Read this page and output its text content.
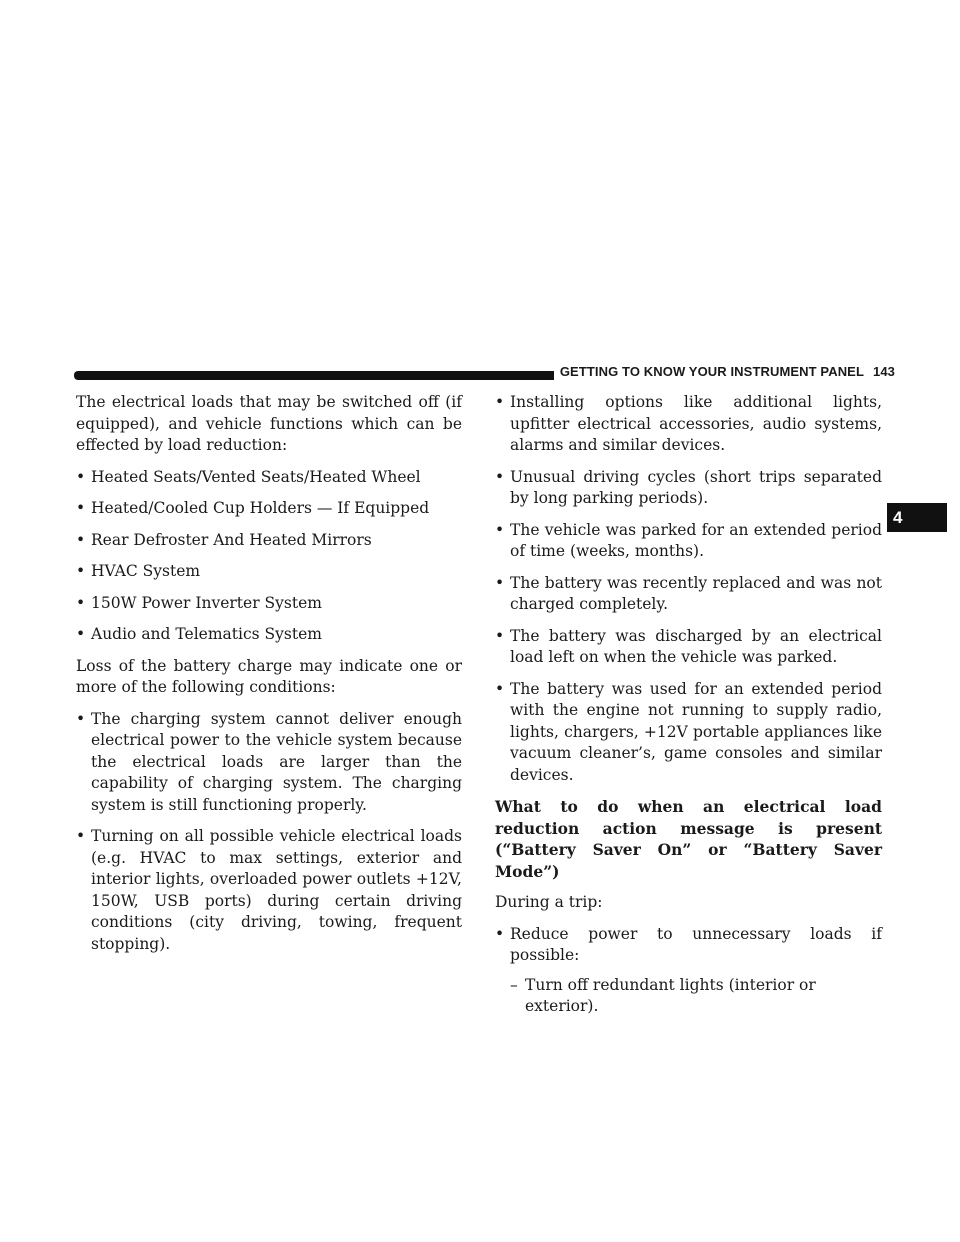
GETTING TO KNOW YOUR INSTRUMENT PANEL 143
4

The electrical loads that may be switched off (if equipped), and vehicle functions which can be effected by load reduction:

• Heated Seats/Vented Seats/Heated Wheel
• Heated/Cooled Cup Holders — If Equipped
• Rear Defroster And Heated Mirrors
• HVAC System
• 150W Power Inverter System
• Audio and Telematics System

Loss of the battery charge may indicate one or more of the following conditions:

• The charging system cannot deliver enough electrical power to the vehicle system because the electrical loads are larger than the capability of charging system. The charging system is still functioning properly.
• Turning on all possible vehicle electrical loads (e.g. HVAC to max settings, exterior and interior lights, overloaded power outlets +12V, 150W, USB ports) during certain driving conditions (city driving, towing, frequent stopping).
• Installing options like additional lights, upfitter electrical accessories, audio systems, alarms and similar devices.
• Unusual driving cycles (short trips separated by long parking periods).
• The vehicle was parked for an extended period of time (weeks, months).
• The battery was recently replaced and was not charged completely.
• The battery was discharged by an electrical load left on when the vehicle was parked.
• The battery was used for an extended period with the engine not running to supply radio, lights, chargers, +12V portable appliances like vacuum cleaner’s, game consoles and similar devices.

What to do when an electrical load reduction action message is present (“Battery Saver On” or “Battery Saver Mode”)

During a trip:

• Reduce power to unnecessary loads if possible:
– Turn off redundant lights (interior or exterior).
